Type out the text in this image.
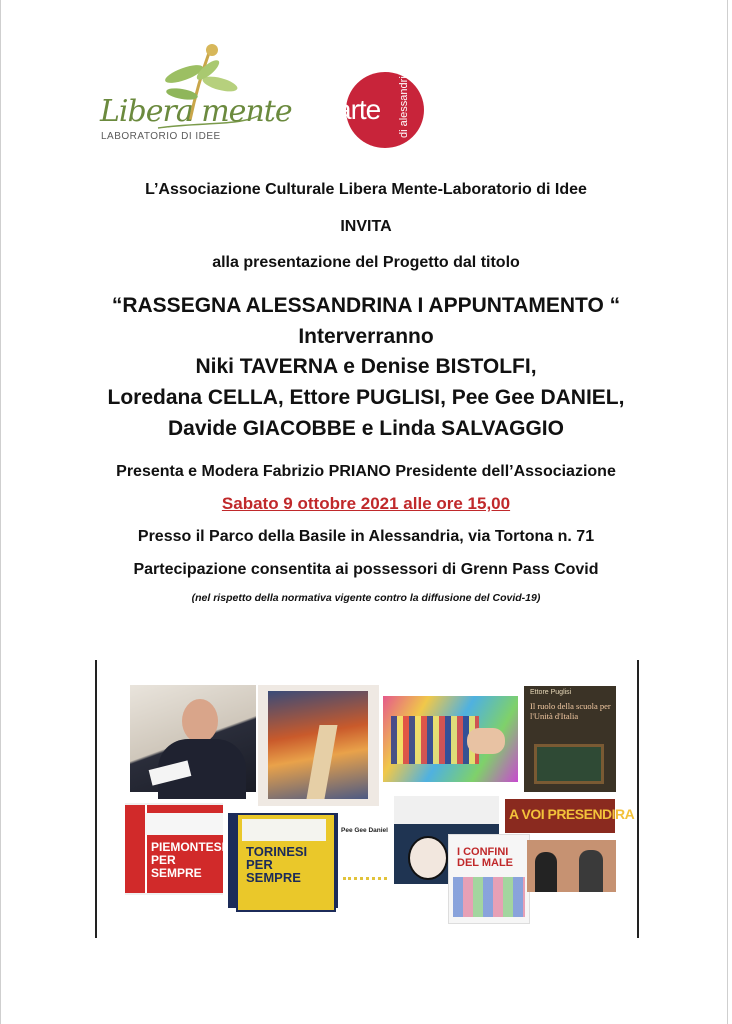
Libera mente
LABORATORIO DI IDEE
arte di alessandria
L’Associazione Culturale Libera Mente-Laboratorio di Idee
INVITA
alla presentazione del Progetto dal titolo
“RASSEGNA ALESSANDRINA I APPUNTAMENTO “
Interverranno
Niki TAVERNA e Denise BISTOLFI,
Loredana CELLA, Ettore PUGLISI, Pee Gee DANIEL,
Davide GIACOBBE e Linda SALVAGGIO
Presenta e Modera Fabrizio PRIANO Presidente dell’Associazione
Sabato 9 ottobre 2021 alle ore 15,00
Presso il Parco della Basile in Alessandria, via Tortona n. 71
Partecipazione consentita ai possessori di Grenn Pass Covid
(nel rispetto della normativa vigente contro la diffusione del Covid-19)
Ettore Puglisi
Il ruolo della scuola per l'Unità d'Italia
PIEMONTESI PER SEMPRE
TORINESI PER SEMPRE
Pee Gee Daniel
I CONFINI DEL MALE
A VOI PRESENDIRA
